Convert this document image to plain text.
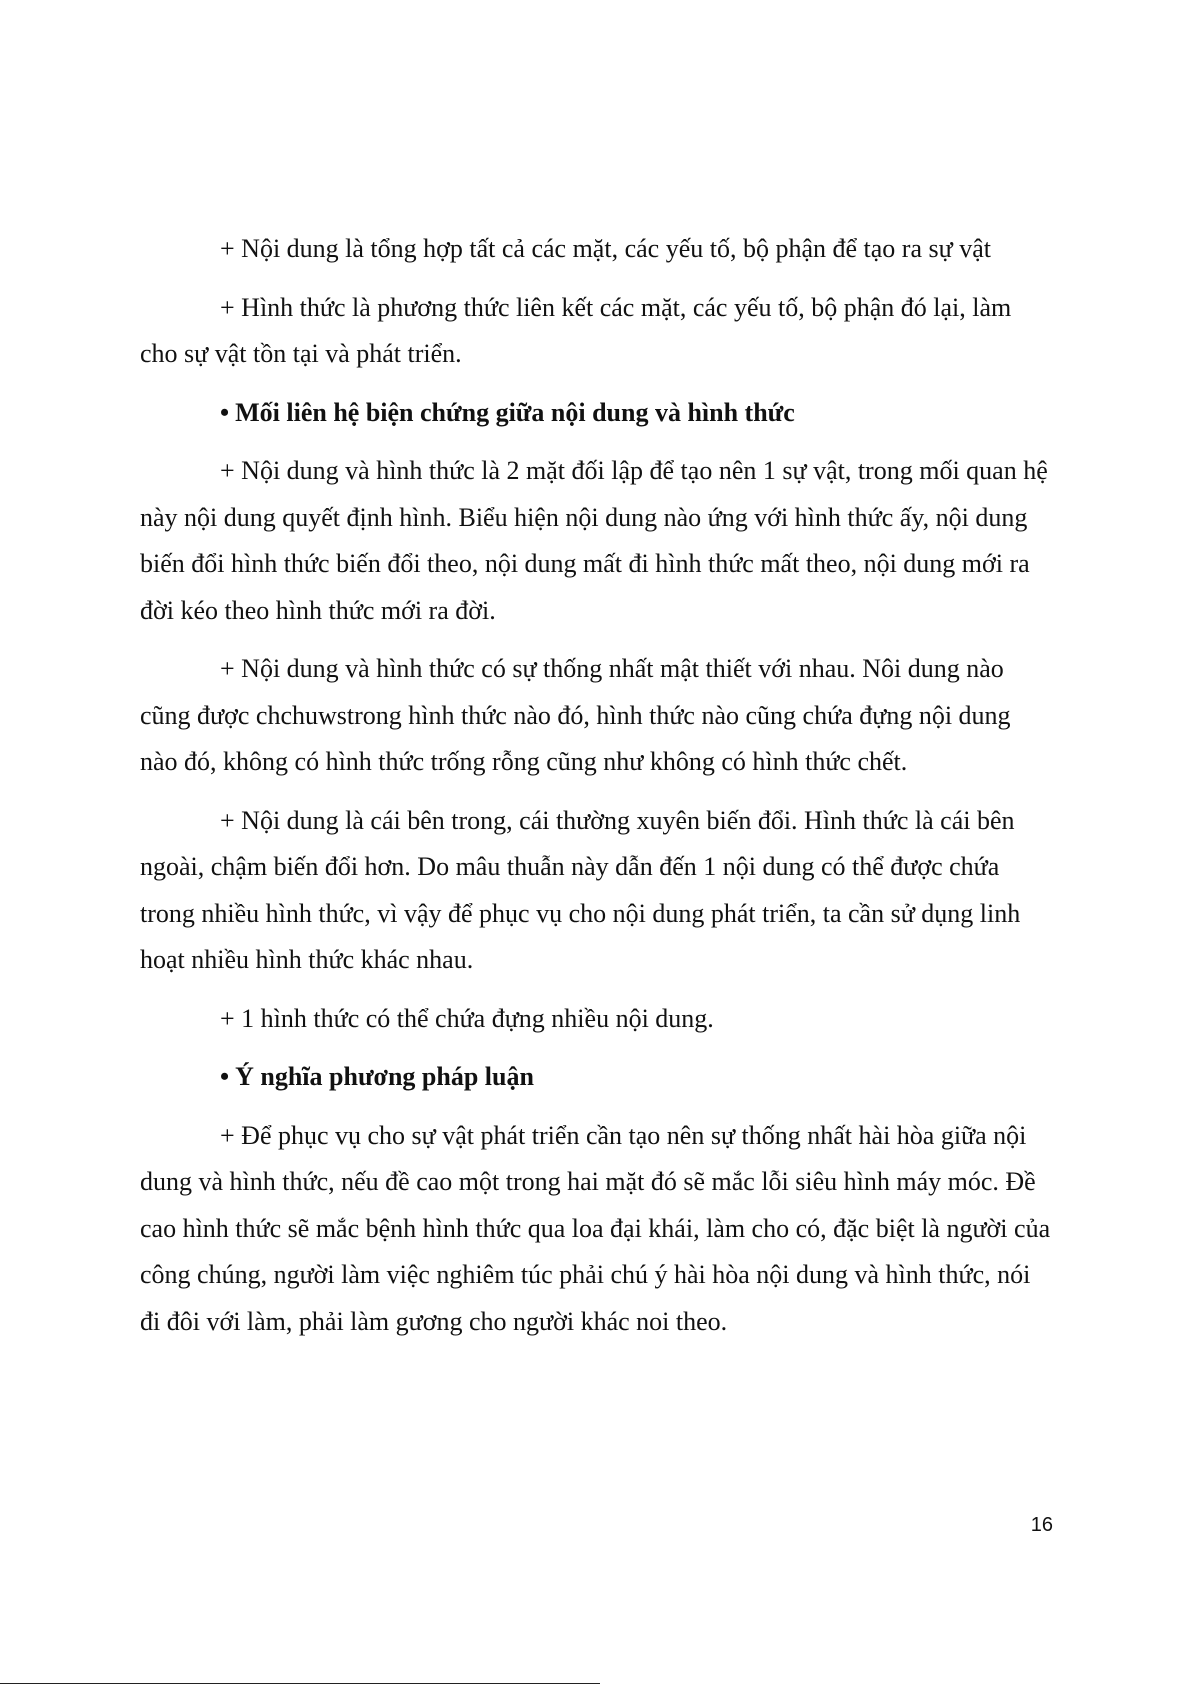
+ Nội dung là tổng hợp tất cả các mặt, các yếu tố, bộ phận để tạo ra sự vật

+ Hình thức là phương thức liên kết các mặt, các yếu tố, bộ phận đó lại, làm cho sự vật tồn tại và phát triển.

• Mối liên hệ biện chứng giữa nội dung và hình thức

+ Nội dung và hình thức là 2 mặt đối lập để tạo nên 1 sự vật, trong mối quan hệ này nội dung quyết định hình. Biểu hiện nội dung nào ứng với hình thức ấy, nội dung biến đổi hình thức biến đổi theo, nội dung mất đi hình thức mất theo, nội dung mới ra đời kéo theo hình thức mới ra đời.

+ Nội dung và hình thức có sự thống nhất mật thiết với nhau. Nôi dung nào cũng được chchuwstrong hình thức nào đó, hình thức nào cũng chứa đựng nội dung nào đó, không có hình thức trống rỗng cũng như không có hình thức chết.

+ Nội dung là cái bên trong, cái thường xuyên biến đổi. Hình thức là cái bên ngoài, chậm biến đổi hơn. Do mâu thuẫn này dẫn đến 1 nội dung có thể được chứa trong nhiều hình thức, vì vậy để phục vụ cho nội dung phát triển, ta cần sử dụng linh hoạt nhiều hình thức khác nhau.

+ 1 hình thức có thể chứa đựng nhiều nội dung.

• Ý nghĩa phương pháp luận

+ Để phục vụ cho sự vật phát triển cần tạo nên sự thống nhất hài hòa giữa nội dung và hình thức, nếu đề cao một trong hai mặt đó sẽ mắc lỗi siêu hình máy móc. Đề cao hình thức sẽ mắc bệnh hình thức qua loa đại khái, làm cho có, đặc biệt là người của công chúng, người làm việc nghiêm túc phải chú ý hài hòa nội dung và hình thức, nói đi đôi với làm, phải làm gương cho người khác noi theo.

16
